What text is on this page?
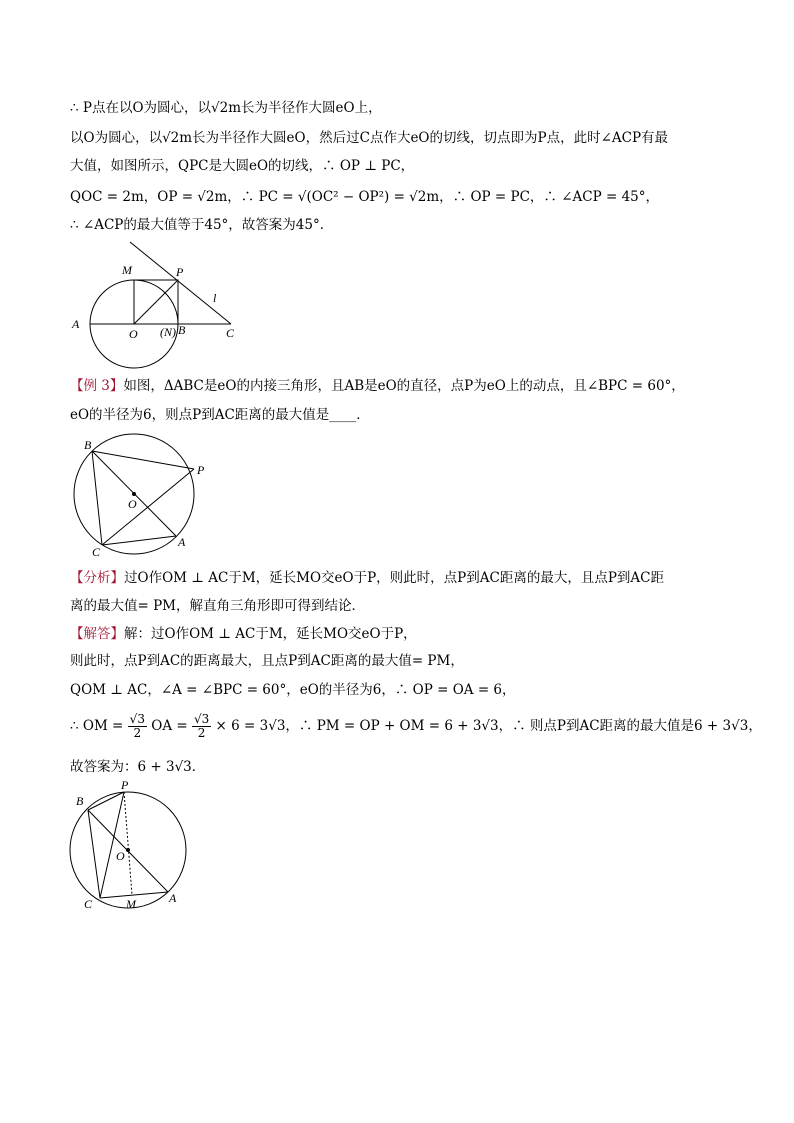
∴ P点在以O为圆心，以√2m长为半径作大圆eO上，
以O为圆心，以√2m长为半径作大圆eO，然后过C点作大eO的切线，切点即为P点，此时∠ACP有最
大值，如图所示，QPC是大圆eO的切线，∴ OP ⊥ PC，
QOC = 2m，OP = √2m，∴ PC = √(OC² − OP²) = √2m，∴ OP = PC，∴ ∠ACP = 45°，
∴ ∠ACP的最大值等于45°，故答案为45°．
M	P
l
A
O (N) B	C
【例 3】如图，ΔABC是eO的内接三角形，且AB是eO的直径，点P为eO上的动点，且∠BPC = 60°，
eO的半径为6，则点P到AC距离的最大值是____．
B
P
O
C
A
【分析】过O作OM ⊥ AC于M，延长MO交eO于P，则此时，点P到AC距离的最大，且点P到AC距
离的最大值= PM，解直角三角形即可得到结论．
【解答】解：过O作OM ⊥ AC于M，延长MO交eO于P，
则此时，点P到AC的距离最大，且点P到AC距离的最大值= PM，
QOM ⊥ AC，∠A = ∠BPC = 60°，eO的半径为6，∴ OP = OA = 6，
∴ OM = $\frac{√3}{2}$ OA = $\frac{√3}{2} \times 6 = 3√3$，∴ PM = OP + OM = 6 + 3√3，∴ 则点P到AC距离的最大值是6 + 3√3，
故答案为：6 + 3√3．
B
P
O
C	M	A
